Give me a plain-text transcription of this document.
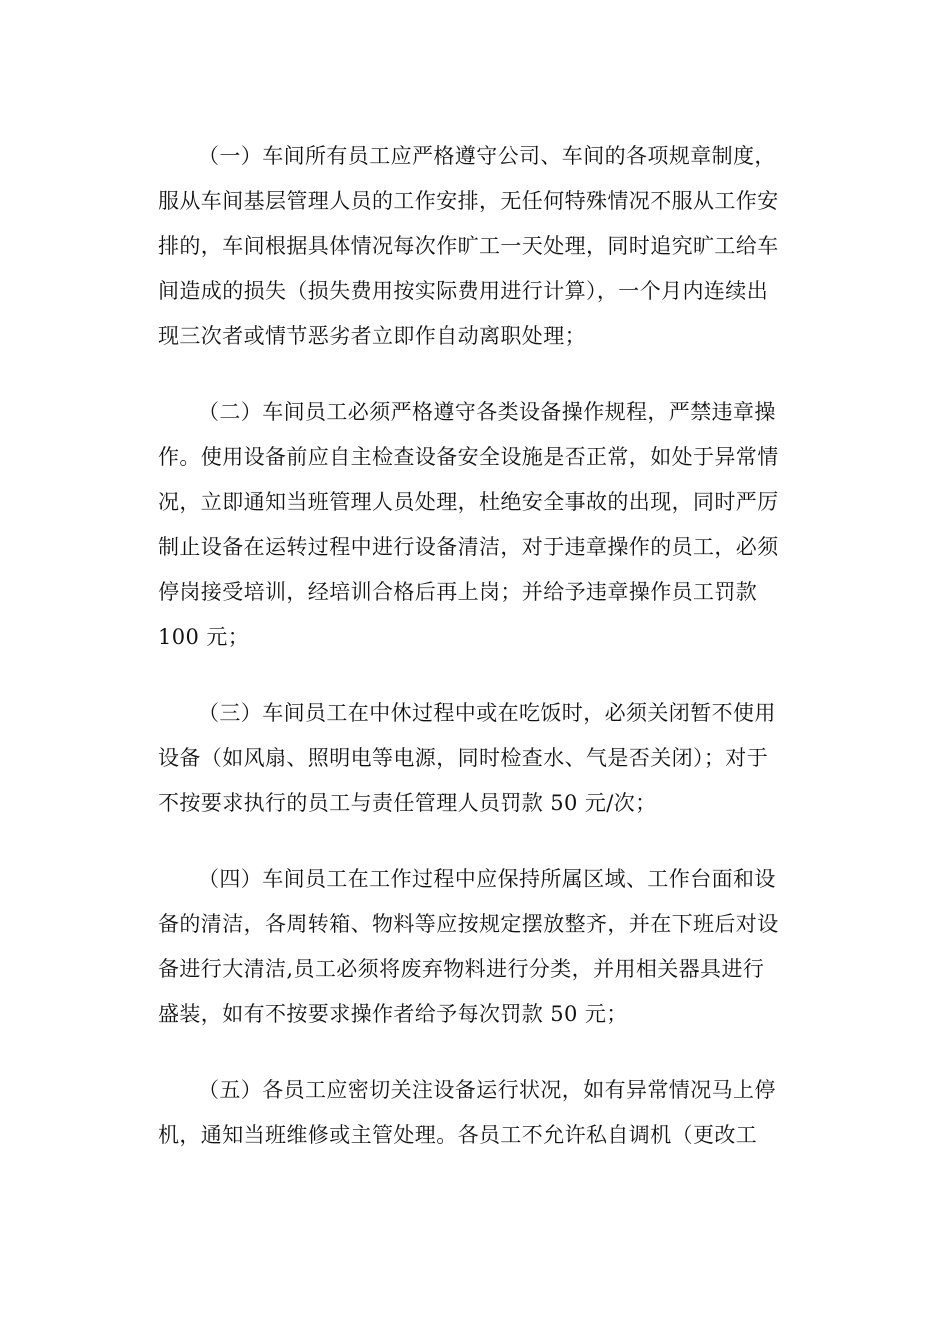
（一）车间所有员工应严格遵守公司、车间的各项规章制度，
服从车间基层管理人员的工作安排，无任何特殊情况不服从工作安
排的，车间根据具体情况每次作旷工一天处理，同时追究旷工给车
间造成的损失（损失费用按实际费用进行计算），一个月内连续出
现三次者或情节恶劣者立即作自动离职处理；
（二）车间员工必须严格遵守各类设备操作规程，严禁违章操
作。使用设备前应自主检查设备安全设施是否正常，如处于异常情
况，立即通知当班管理人员处理，杜绝安全事故的出现，同时严厉
制止设备在运转过程中进行设备清洁，对于违章操作的员工，必须
停岗接受培训，经培训合格后再上岗；并给予违章操作员工罚款
100 元；
（三）车间员工在中休过程中或在吃饭时，必须关闭暂不使用
设备（如风扇、照明电等电源，同时检查水、气是否关闭）；对于
不按要求执行的员工与责任管理人员罚款 50 元/次；
（四）车间员工在工作过程中应保持所属区域、工作台面和设
备的清洁，各周转箱、物料等应按规定摆放整齐，并在下班后对设
备进行大清洁,员工必须将废弃物料进行分类，并用相关器具进行
盛装，如有不按要求操作者给予每次罚款 50 元；
（五）各员工应密切关注设备运行状况，如有异常情况马上停
机，通知当班维修或主管处理。各员工不允许私自调机（更改工
